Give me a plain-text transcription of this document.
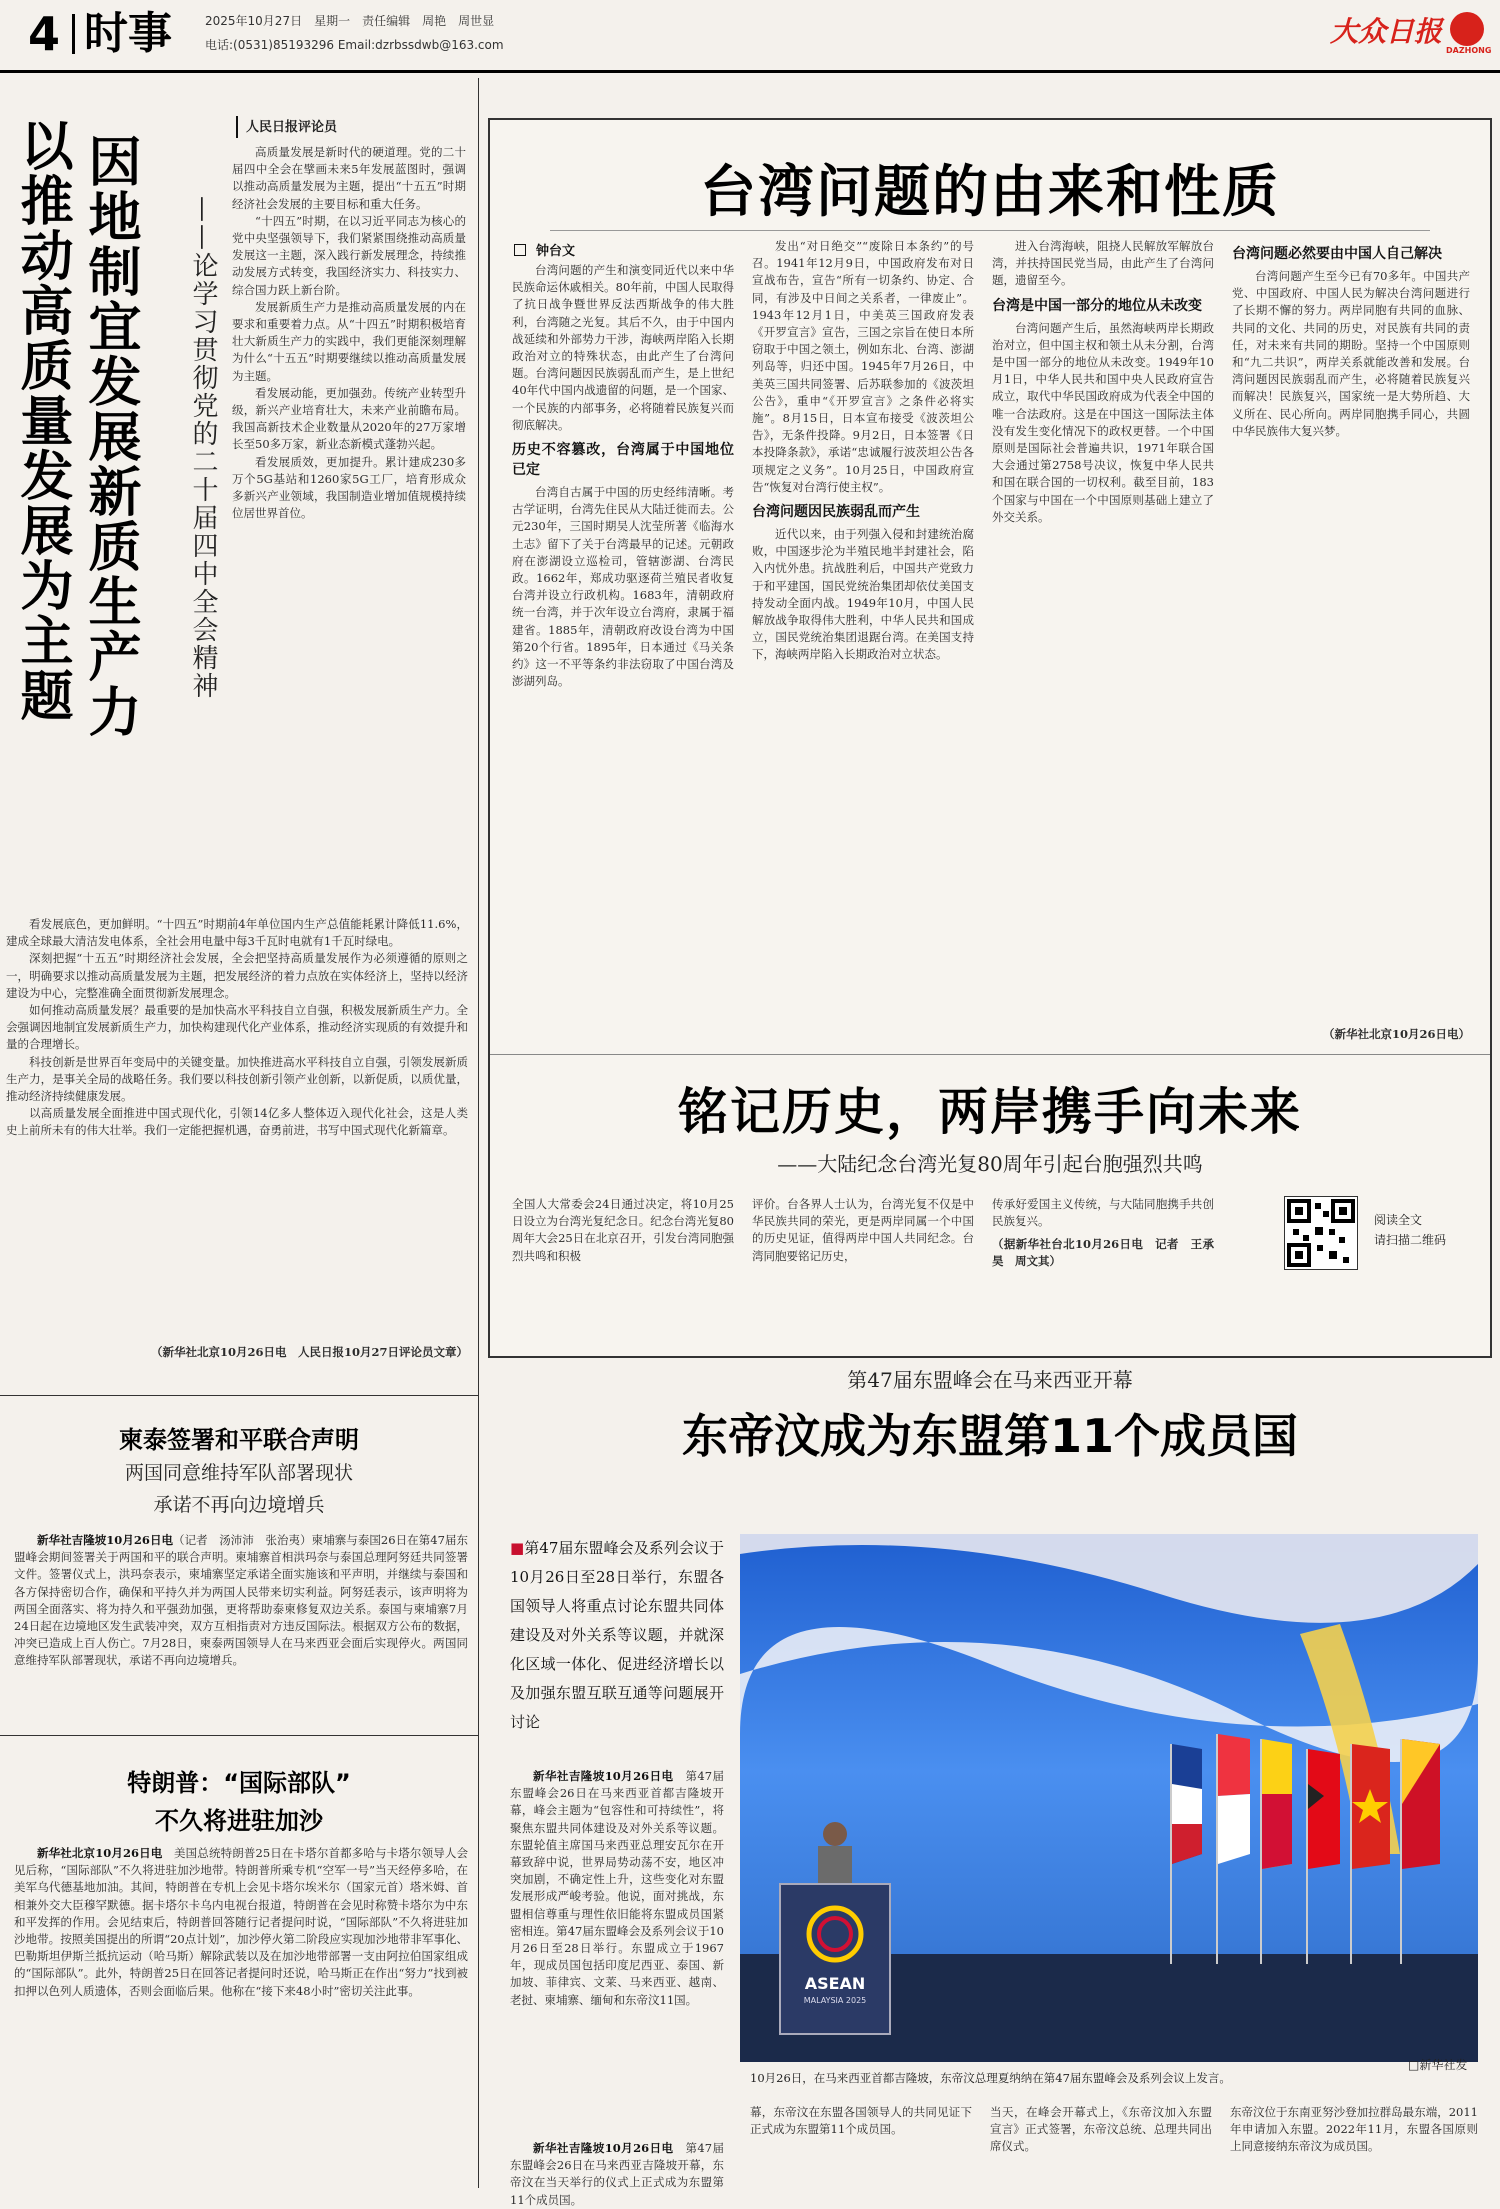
4 时事	2025年10月27日　星期一　责任编辑　周艳　周世显
电话:(0531)85193296 Email:dzrbssdwb@163.com	大众日报
DAZHONG
人民日报评论员
以推动高质量发展为主题 因地制宜发展新质生产力 ——论学习贯彻党的二十届四中全会精神

高质量发展是新时代的硬道理。党的二十届四中全会在擘画未来5年发展蓝图时，强调以推动高质量发展为主题，提出“十五五”时期经济社会发展的主要目标和重大任务。

“十四五”时期，在以习近平同志为核心的党中央坚强领导下，我们紧紧围绕推动高质量发展这一主题，深入践行新发展理念，持续推动发展方式转变，我国经济实力、科技实力、综合国力跃上新台阶。

发展新质生产力是推动高质量发展的内在要求和重要着力点。从“十四五”时期积极培育壮大新质生产力的实践中，我们更能深刻理解为什么“十五五”时期要继续以推动高质量发展为主题。

看发展动能，更加强劲。传统产业转型升级，新兴产业培育壮大，未来产业前瞻布局。我国高新技术企业数量从2020年的27万家增长至50多万家，新业态新模式蓬勃兴起。

看发展质效，更加提升。累计建成230多万个5G基站和1260家5G工厂，培育形成众多新兴产业领域，我国制造业增加值规模持续位居世界首位。

看发展底色，更加鲜明。“十四五”时期前4年单位国内生产总值能耗累计降低11.6%，建成全球最大清洁发电体系，全社会用电量中每3千瓦时电就有1千瓦时绿电。

深刻把握“十五五”时期经济社会发展，全会把坚持高质量发展作为必须遵循的原则之一，明确要求以推动高质量发展为主题，把发展经济的着力点放在实体经济上，坚持以经济建设为中心，完整准确全面贯彻新发展理念。

如何推动高质量发展？最重要的是加快高水平科技自立自强，积极发展新质生产力。全会强调因地制宜发展新质生产力，加快构建现代化产业体系，推动经济实现质的有效提升和量的合理增长。

科技创新是世界百年变局中的关键变量。加快推进高水平科技自立自强，引领发展新质生产力，是事关全局的战略任务。我们要以科技创新引领产业创新，以新促质，以质优量，推动经济持续健康发展。

以高质量发展全面推进中国式现代化，引领14亿多人整体迈入现代化社会，这是人类史上前所未有的伟大壮举。我们一定能把握机遇，奋勇前进，书写中国式现代化新篇章。

（新华社北京10月26日电　人民日报10月27日评论员文章）
台湾问题的由来和性质
钟台文

台湾问题的产生和演变同近代以来中华民族命运休戚相关。80年前，中国人民取得了抗日战争暨世界反法西斯战争的伟大胜利，台湾随之光复。其后不久，由于中国内战延续和外部势力干涉，海峡两岸陷入长期政治对立的特殊状态，由此产生了台湾问题。台湾问题因民族弱乱而产生，是上世纪40年代中国内战遗留的问题，是一个国家、一个民族的内部事务，必将随着民族复兴而彻底解决。

历史不容篡改，台湾属于中国地位已定

台湾自古属于中国的历史经纬清晰。考古学证明，台湾先住民从大陆迁徙而去。公元230年，三国时期吴人沈莹所著《临海水土志》留下了关于台湾最早的记述。元朝政府在澎湖设立巡检司，管辖澎湖、台湾民政。1662年，郑成功驱逐荷兰殖民者收复台湾并设立行政机构。1683年，清朝政府统一台湾，并于次年设立台湾府，隶属于福建省。1885年，清朝政府改设台湾为中国第20个行省。1895年，日本通过《马关条约》这一不平等条约非法窃取了中国台湾及澎湖列岛。

发出“对日绝交”“废除日本条约”的号召。1941年12月9日，中国政府发布对日宣战布告，宣告“所有一切条约、协定、合同，有涉及中日间之关系者，一律废止”。1943年12月1日，中美英三国政府发表《开罗宣言》宣告，三国之宗旨在使日本所窃取于中国之领土，例如东北、台湾、澎湖列岛等，归还中国。1945年7月26日，中美英三国共同签署、后苏联参加的《波茨坦公告》，重申“《开罗宣言》之条件必将实施”。8月15日，日本宣布接受《波茨坦公告》，无条件投降。9月2日，日本签署《日本投降条款》，承诺“忠诚履行波茨坦公告各项规定之义务”。10月25日，中国政府宣告“恢复对台湾行使主权”。

台湾问题因民族弱乱而产生

近代以来，由于列强入侵和封建统治腐败，中国逐步沦为半殖民地半封建社会，陷入内忧外患。抗战胜利后，中国共产党致力于和平建国，国民党统治集团却依仗美国支持发动全面内战。1949年10月，中国人民解放战争取得伟大胜利，中华人民共和国成立，国民党统治集团退踞台湾。在美国支持下，海峡两岸陷入长期政治对立状态。

进入台湾海峡，阻挠人民解放军解放台湾，并扶持国民党当局，由此产生了台湾问题，遗留至今。

台湾是中国一部分的地位从未改变

台湾问题产生后，虽然海峡两岸长期政治对立，但中国主权和领土从未分割，台湾是中国一部分的地位从未改变。1949年10月1日，中华人民共和国中央人民政府宣告成立，取代中华民国政府成为代表全中国的唯一合法政府。这是在中国这一国际法主体没有发生变化情况下的政权更替。一个中国原则是国际社会普遍共识，1971年联合国大会通过第2758号决议，恢复中华人民共和国在联合国的一切权利。截至目前，183个国家与中国在一个中国原则基础上建立了外交关系。

台湾问题必然要由中国人自己解决

台湾问题产生至今已有70多年。中国共产党、中国政府、中国人民为解决台湾问题进行了长期不懈的努力。两岸同胞有共同的血脉、共同的文化、共同的历史，对民族有共同的责任，对未来有共同的期盼。坚持一个中国原则和“九二共识”，两岸关系就能改善和发展。台湾问题因民族弱乱而产生，必将随着民族复兴而解决！民族复兴，国家统一是大势所趋、大义所在、民心所向。两岸同胞携手同心，共圆中华民族伟大复兴梦。

（新华社北京10月26日电）
铭记历史，两岸携手向未来
——大陆纪念台湾光复80周年引起台胞强烈共鸣
全国人大常委会24日通过决定，将10月25日设立为台湾光复纪念日。纪念台湾光复80周年大会25日在北京召开，引发台湾同胞强烈共鸣和积极
评价。台各界人士认为，台湾光复不仅是中华民族共同的荣光，更是两岸同属一个中国的历史见证，值得两岸中国人共同纪念。台湾同胞要铭记历史，
传承好爱国主义传统，与大陆同胞携手共创民族复兴。
（据新华社台北10月26日电　记者　王承昊　周文其）
阅读全文
请扫描二维码
柬泰签署和平联合声明
两国同意维持军队部署现状
承诺不再向边境增兵

新华社吉隆坡10月26日电（记者　汤沛沛　张治夷）柬埔寨与泰国26日在第47届东盟峰会期间签署关于两国和平的联合声明。柬埔寨首相洪玛奈与泰国总理阿努廷共同签署文件。签署仪式上，洪玛奈表示，柬埔寨坚定承诺全面实施该和平声明，并继续与泰国和各方保持密切合作，确保和平持久并为两国人民带来切实利益。阿努廷表示，该声明将为两国全面落实、将为持久和平强劲加强，更将帮助泰柬修复双边关系。泰国与柬埔寨7月24日起在边境地区发生武装冲突，双方互相指责对方违反国际法。根据双方公布的数据，冲突已造成上百人伤亡。7月28日，柬泰两国领导人在马来西亚会面后实现停火。两国同意维持军队部署现状，承诺不再向边境增兵。

特朗普：“国际部队”
不久将进驻加沙

新华社北京10月26日电　 美国总统特朗普25日在卡塔尔首都多哈与卡塔尔领导人会见后称，“国际部队”不久将进驻加沙地带。特朗普所乘专机“空军一号”当天经停多哈，在美军乌代德基地加油。其间，特朗普在专机上会见卡塔尔埃米尔（国家元首）塔米姆、首相兼外交大臣穆罕默德。据卡塔尔卡乌内电视台报道，特朗普在会见时称赞卡塔尔为中东和平发挥的作用。会见结束后，特朗普回答随行记者提问时说，“国际部队”不久将进驻加沙地带。按照美国提出的所谓“20点计划”，加沙停火第二阶段应实现加沙地带非军事化、巴勒斯坦伊斯兰抵抗运动（哈马斯）解除武装以及在加沙地带部署一支由阿拉伯国家组成的“国际部队”。此外，特朗普25日在回答记者提问时还说，哈马斯正在作出“努力”找到被扣押以色列人质遗体，否则会面临后果。他称在“接下来48小时”密切关注此事。

第47届东盟峰会在马来西亚开幕
东帝汶成为东盟第11个成员国
■第47届东盟峰会及系列会议于10月26日至28日举行，东盟各国领导人将重点讨论东盟共同体建设及对外关系等议题，并就深化区域一体化、促进经济增长以及加强东盟互联互通等问题展开讨论

新华社吉隆坡10月26日电　 第47届东盟峰会26日在马来西亚首都吉隆坡开幕，峰会主题为“包容性和可持续性”，将聚焦东盟共同体建设及对外关系等议题。东盟轮值主席国马来西亚总理安瓦尔在开幕致辞中说，世界局势动荡不安，地区冲突加剧，不确定性上升，这些变化对东盟发展形成严峻考验。他说，面对挑战，东盟相信尊重与理性依旧能将东盟成员国紧密相连。第47届东盟峰会及系列会议于10月26日至28日举行。东盟成立于1967年，现成员国包括印度尼西亚、泰国、新加坡、菲律宾、文莱、马来西亚、越南、老挝、柬埔寨、缅甸和东帝汶11国。

新华社吉隆坡10月26日电　 第47届东盟峰会26日在马来西亚吉隆坡开幕，东帝汶在当天举行的仪式上正式成为东盟第11个成员国。

ASEAN
MALAYSIA 2025
10月26日，在马来西亚首都吉隆坡，东帝汶总理夏纳纳在第47届东盟峰会及系列会议上发言。
□新华社发
幕，东帝汶在东盟各国领导人的共同见证下正式成为东盟第11个成员国。
当天，在峰会开幕式上，《东帝汶加入东盟宣言》正式签署，东帝汶总统、总理共同出席仪式。
东帝汶位于东南亚努沙登加拉群岛最东端，2011年申请加入东盟。2022年11月，东盟各国原则上同意接纳东帝汶为成员国。
